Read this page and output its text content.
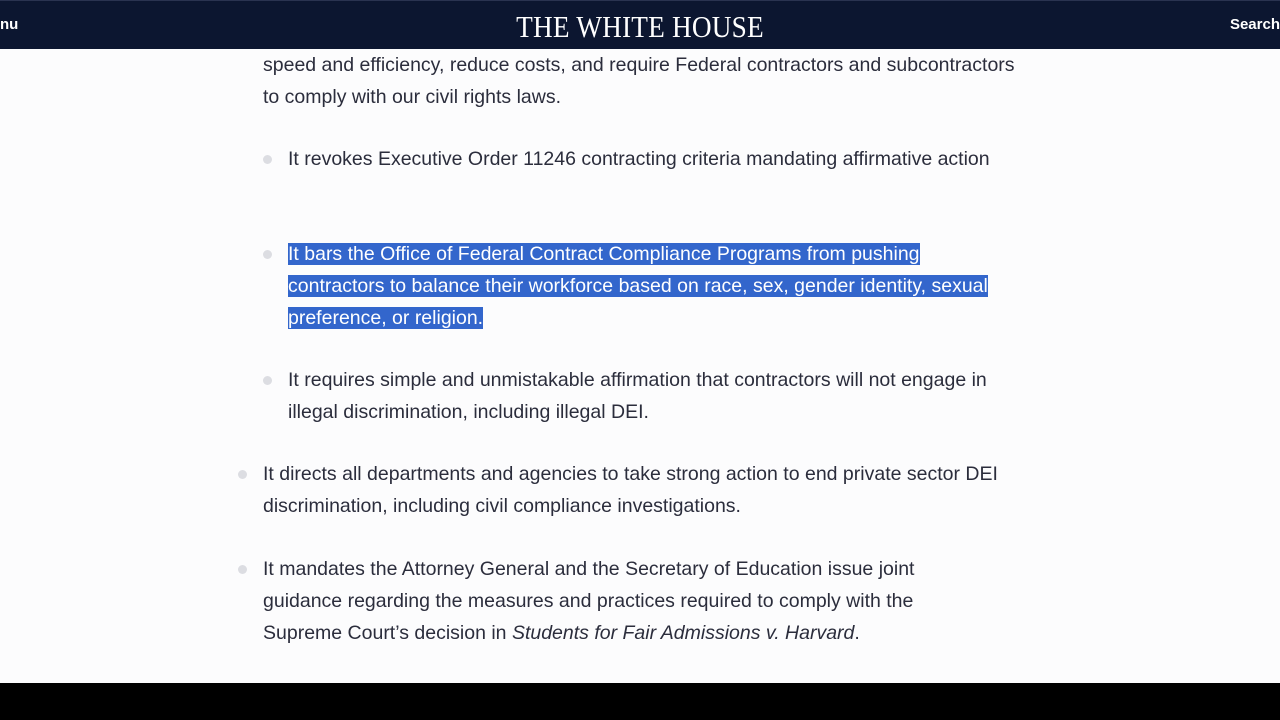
nu	THE WHITE HOUSE	Search
speed and efficiency, reduce costs, and require Federal contractors and subcontractors to comply with our civil rights laws.
It revokes Executive Order 11246 contracting criteria mandating affirmative action
It bars the Office of Federal Contract Compliance Programs from pushing contractors to balance their workforce based on race, sex, gender identity, sexual preference, or religion.
It requires simple and unmistakable affirmation that contractors will not engage in illegal discrimination, including illegal DEI.
It directs all departments and agencies to take strong action to end private sector DEI discrimination, including civil compliance investigations.
It mandates the Attorney General and the Secretary of Education issue joint guidance regarding the measures and practices required to comply with the Supreme Court’s decision in Students for Fair Admissions v. Harvard.
